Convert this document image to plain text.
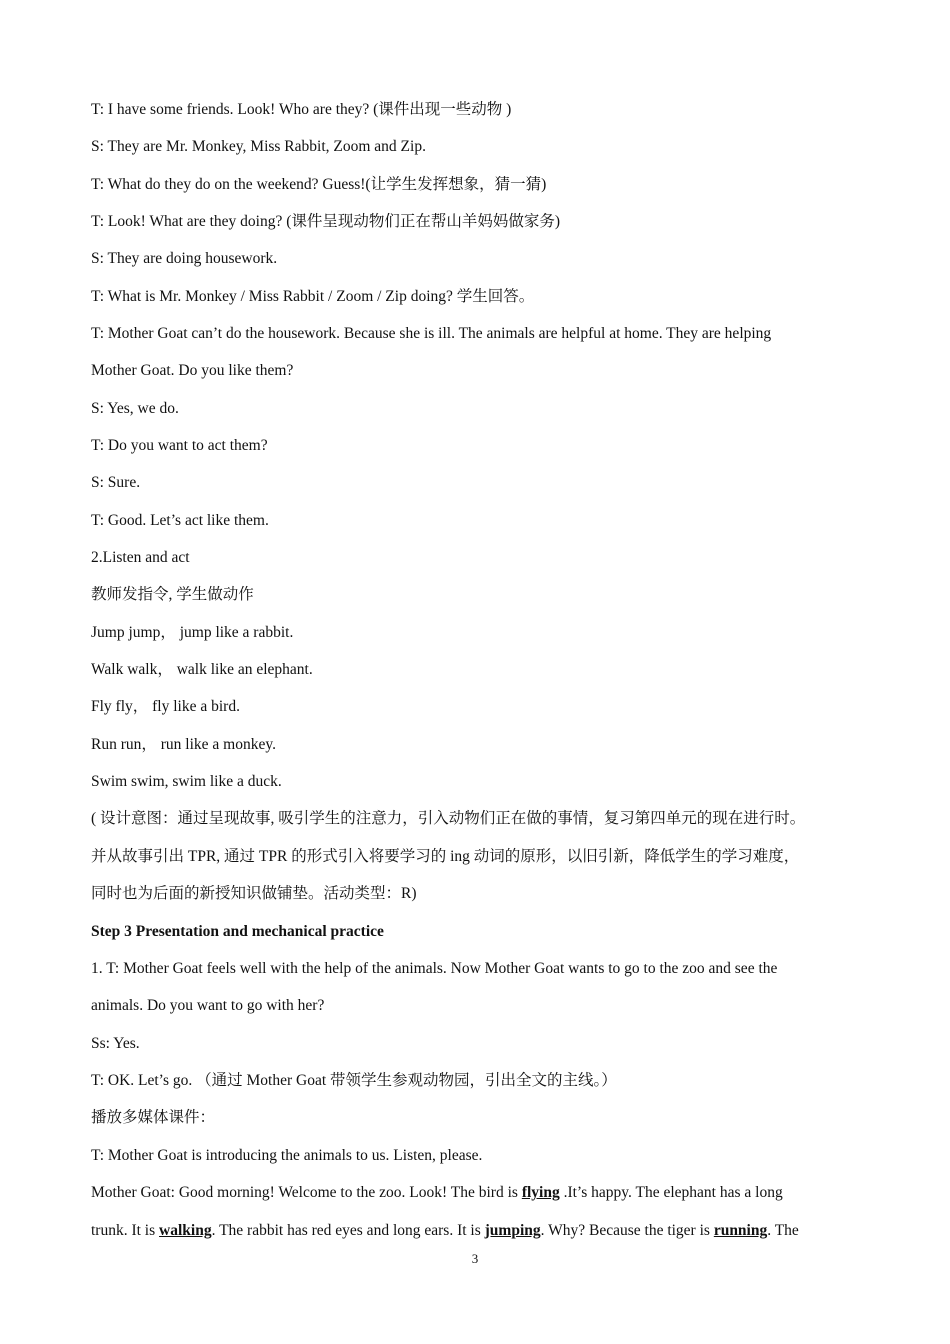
T: I have some friends. Look! Who are they? (课件出现一些动物 )
S: They are Mr. Monkey, Miss Rabbit, Zoom and Zip.
T: What do they do on the weekend? Guess!(让学生发挥想象，猜一猜)
T: Look! What are they doing? (课件呈现动物们正在帮山羊妈妈做家务)
S: They are doing housework.
T: What is Mr. Monkey / Miss Rabbit / Zoom / Zip doing? 学生回答。
T: Mother Goat can’t do the housework. Because she is ill. The animals are helpful at home. They are helping
Mother Goat. Do you like them?
S: Yes, we do.
T: Do you want to act them?
S: Sure.
T: Good. Let’s act like them.
2.Listen and act
教师发指令, 学生做动作
Jump jump， jump like a rabbit.
Walk walk， walk like an elephant.
Fly fly， fly like a bird.
Run run， run like a monkey.
Swim swim, swim like a duck.
( 设计意图：通过呈现故事, 吸引学生的注意力，引入动物们正在做的事情，复习第四单元的现在进行时。
并从故事引出 TPR, 通过 TPR 的形式引入将要学习的 ing 动词的原形，以旧引新，降低学生的学习难度，
同时也为后面的新授知识做铺垫。活动类型：R)
Step 3 Presentation and mechanical practice
1. T: Mother Goat feels well with the help of the animals. Now Mother Goat wants to go to the zoo and see the
animals. Do you want to go with her?
Ss: Yes.
T: OK. Let’s go. （通过 Mother Goat 带领学生参观动物园，引出全文的主线。）
播放多媒体课件：
T: Mother Goat is introducing the animals to us. Listen, please.
Mother Goat: Good morning! Welcome to the zoo. Look! The bird is flying .It’s happy. The elephant has a long
trunk. It is walking. The rabbit has red eyes and long ears. It is jumping. Why? Because the tiger is running. The
3
